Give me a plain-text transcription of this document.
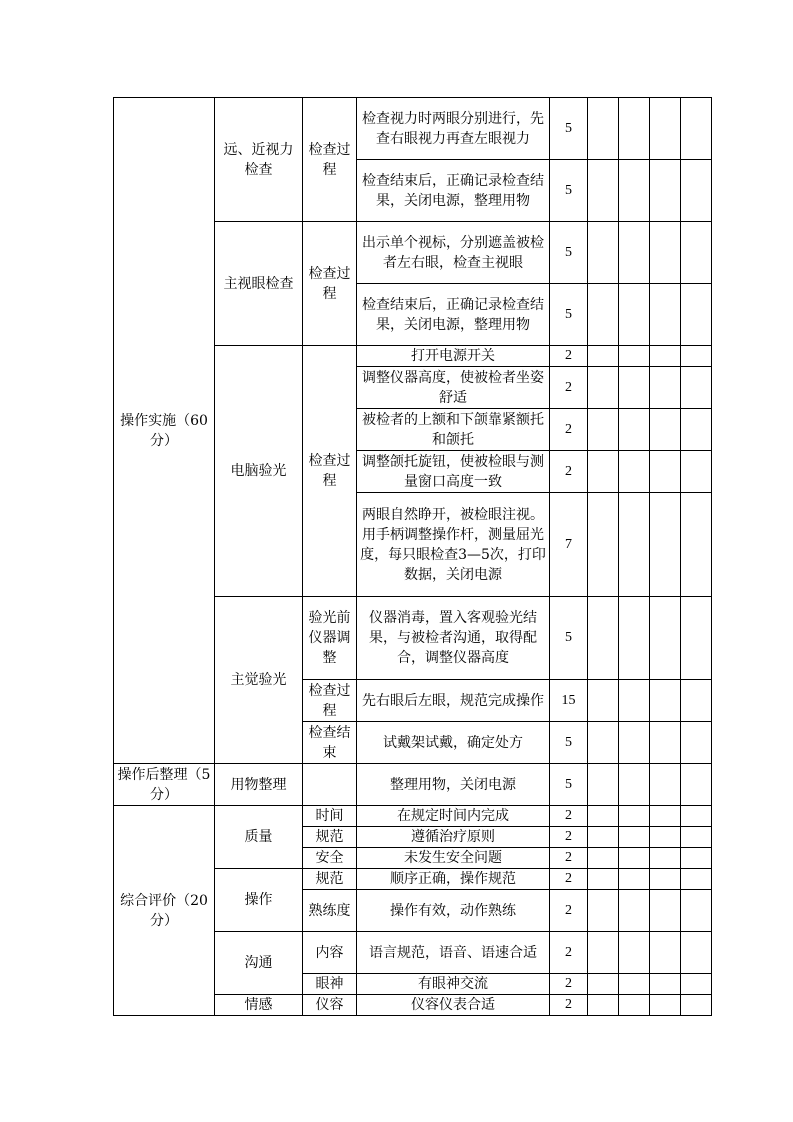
操作实施（60分）	远、近视力检查	检查过程	检查视力时两眼分别进行，先查右眼视力再查左眼视力	5				
			检查结束后，正确记录检查结果，关闭电源，整理用物	5				
	主视眼检查	检查过程	出示单个视标，分别遮盖被检者左右眼，检查主视眼	5				
			检查结束后，正确记录检查结果，关闭电源，整理用物	5				
	电脑验光	检查过程	打开电源开关	2				
			调整仪器高度，使被检者坐姿舒适	2				
			被检者的上额和下颌靠紧额托和颌托	2				
			调整颌托旋钮，使被检眼与测量窗口高度一致	2				
			两眼自然睁开，被检眼注视。用手柄调整操作杆，测量屈光度，每只眼检查3—5次，打印数据，关闭电源	7				
	主觉验光	验光前仪器调整	仪器消毒，置入客观验光结果，与被检者沟通，取得配合，调整仪器高度	5				
		检查过程	先右眼后左眼，规范完成操作	15				
		检查结束	试戴架试戴，确定处方	5				
操作后整理（5分）	用物整理		整理用物，关闭电源	5				
综合评价（20分）	质量	时间	在规定时间内完成	2				
		规范	遵循治疗原则	2				
		安全	未发生安全问题	2				
	操作	规范	顺序正确，操作规范	2				
		熟练度	操作有效，动作熟练	2				
	沟通	内容	语言规范，语音、语速合适	2				
		眼神	有眼神交流	2				
	情感	仪容	仪容仪表合适	2				
